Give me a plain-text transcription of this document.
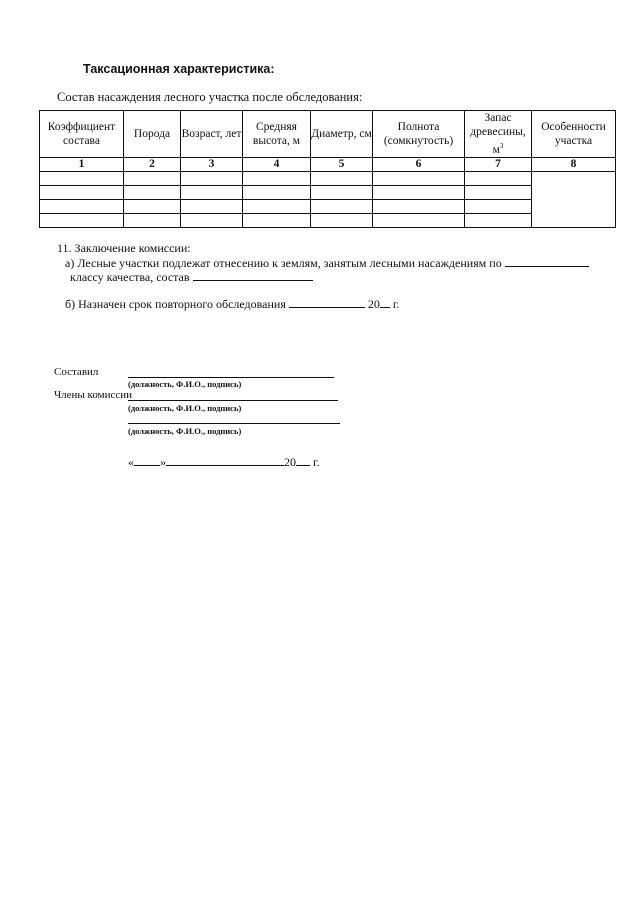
Таксационная характеристика:
Состав насаждения лесного участка после обследования:
Коэффициент состава	Порода	Возраст, лет	Средняя высота, м	Диаметр, см	Полнота (сомкнутость)	Запас древесины, $м^3$	Особенности участка
1	2	3	4	5	6	7	8

11. Заключение комиссии:
а) Лесные участки подлежат отнесению к землям, занятым лесными насаждениям по
классу качества, состав
б) Назначен срок повторного обследования	20 г.
Составил
(должность, Ф.И.О., подпись)
Члены комиссии
(должность, Ф.И.О., подпись)
(должность, Ф.И.О., подпись)
« »	20 г.
